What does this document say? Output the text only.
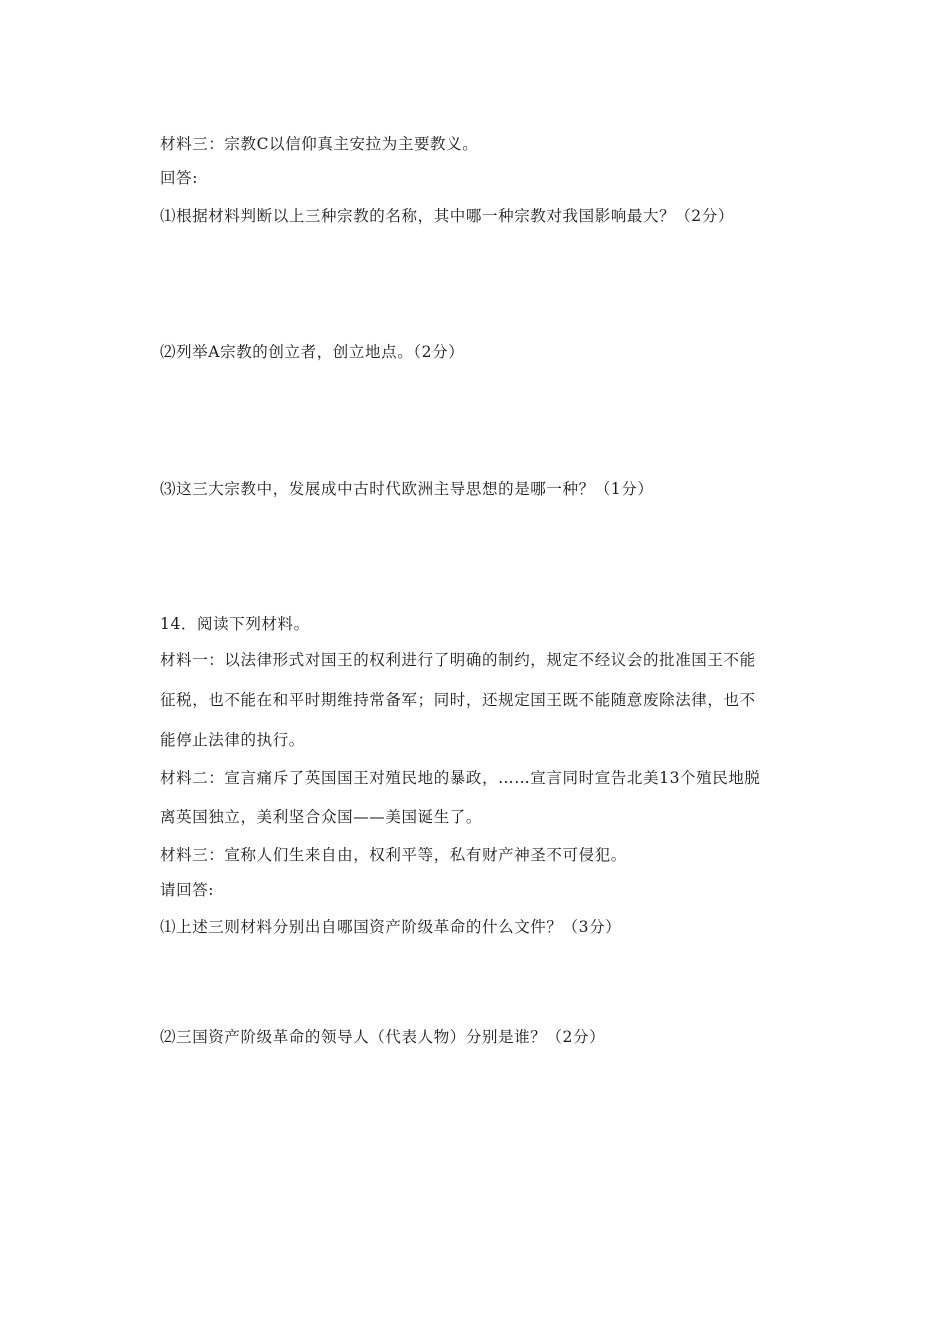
材料三：宗教C以信仰真主安拉为主要教义。
回答:
⑴根据材料判断以上三种宗教的名称，其中哪一种宗教对我国影响最大？（2分）
⑵列举A宗教的创立者，创立地点。（2分）
⑶这三大宗教中，发展成中古时代欧洲主导思想的是哪一种？（1分）
14．阅读下列材料。
材料一：以法律形式对国王的权利进行了明确的制约，规定不经议会的批准国王不能
征税，也不能在和平时期维持常备军；同时，还规定国王既不能随意废除法律，也不
能停止法律的执行。
材料二：宣言痛斥了英国国王对殖民地的暴政，……宣言同时宣告北美13个殖民地脱
离英国独立，美利坚合众国——美国诞生了。
材料三：宣称人们生来自由，权利平等，私有财产神圣不可侵犯。
请回答:
⑴上述三则材料分别出自哪国资产阶级革命的什么文件？（3分）
⑵三国资产阶级革命的领导人（代表人物）分别是谁？（2分）
